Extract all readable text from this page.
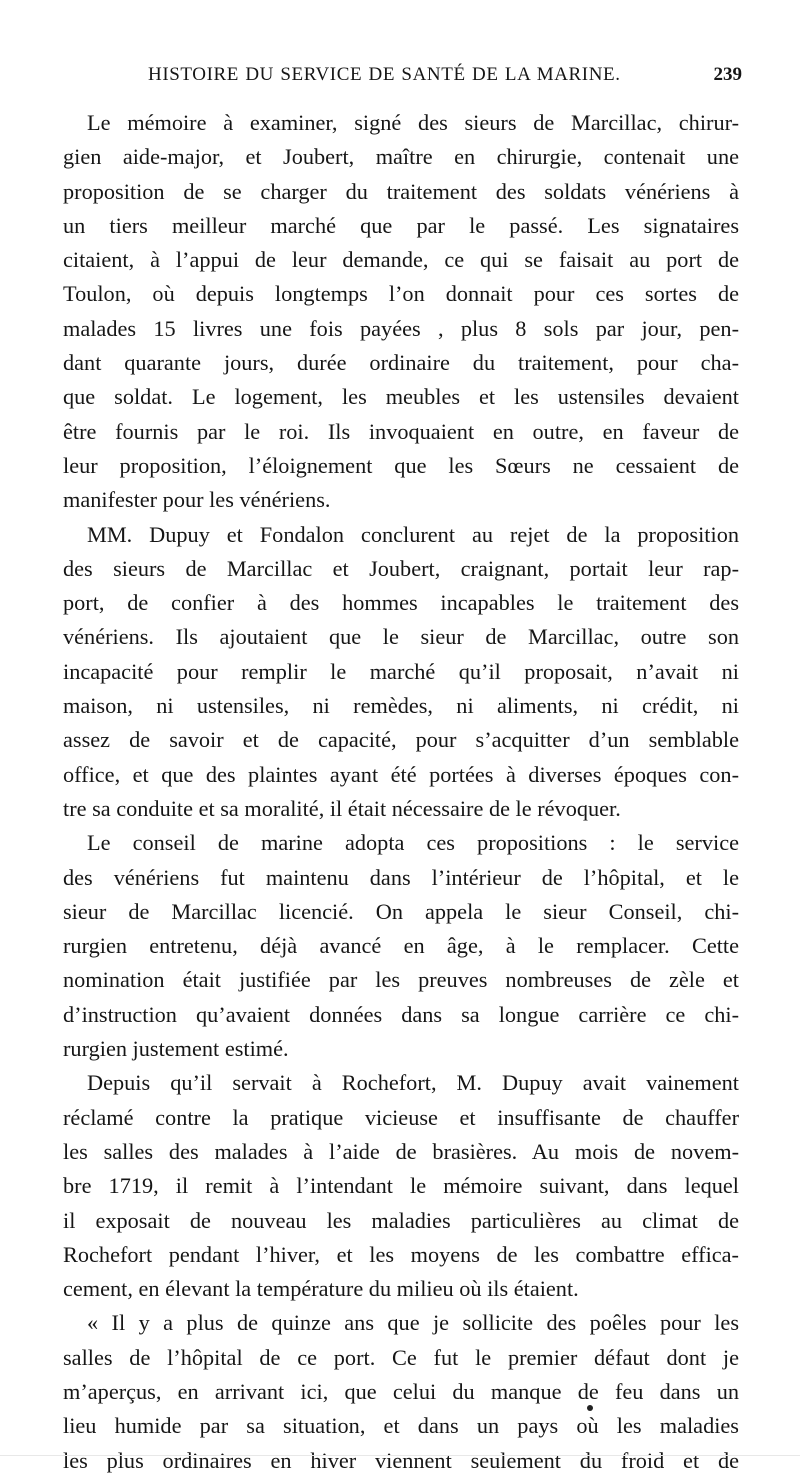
HISTOIRE DU SERVICE DE SANTÉ DE LA MARINE.	239
Le mémoire à examiner, signé des sieurs de Marcillac, chirur-
gien aide-major, et Joubert, maître en chirurgie, contenait une
proposition de se charger du traitement des soldats vénériens à
un tiers meilleur marché que par le passé. Les signataires
citaient, à l’appui de leur demande, ce qui se faisait au port de
Toulon, où depuis longtemps l’on donnait pour ces sortes de
malades 15 livres une fois payées , plus 8 sols par jour, pen-
dant quarante jours, durée ordinaire du traitement, pour cha-
que soldat. Le logement, les meubles et les ustensiles devaient
être fournis par le roi. Ils invoquaient en outre, en faveur de
leur proposition, l’éloignement que les Sœurs ne cessaient de
manifester pour les vénériens.
MM. Dupuy et Fondalon conclurent au rejet de la proposition
des sieurs de Marcillac et Joubert, craignant, portait leur rap-
port, de confier à des hommes incapables le traitement des
vénériens. Ils ajoutaient que le sieur de Marcillac, outre son
incapacité pour remplir le marché qu’il proposait, n’avait ni
maison, ni ustensiles, ni remèdes, ni aliments, ni crédit, ni
assez de savoir et de capacité, pour s’acquitter d’un semblable
office, et que des plaintes ayant été portées à diverses époques con-
tre sa conduite et sa moralité, il était nécessaire de le révoquer.
Le conseil de marine adopta ces propositions : le service
des vénériens fut maintenu dans l’intérieur de l’hôpital, et le
sieur de Marcillac licencié. On appela le sieur Conseil, chi-
rurgien entretenu, déjà avancé en âge, à le remplacer. Cette
nomination était justifiée par les preuves nombreuses de zèle et
d’instruction qu’avaient données dans sa longue carrière ce chi-
rurgien justement estimé.
Depuis qu’il servait à Rochefort, M. Dupuy avait vainement
réclamé contre la pratique vicieuse et insuffisante de chauffer
les salles des malades à l’aide de brasières. Au mois de novem-
bre 1719, il remit à l’intendant le mémoire suivant, dans lequel
il exposait de nouveau les maladies particulières au climat de
Rochefort pendant l’hiver, et les moyens de les combattre effica-
cement, en élevant la température du milieu où ils étaient.
« Il y a plus de quinze ans que je sollicite des poêles pour les
salles de l’hôpital de ce port. Ce fut le premier défaut dont je
m’aperçus, en arrivant ici, que celui du manque de feu dans un
lieu humide par sa situation, et dans un pays où les maladies
les plus ordinaires en hiver viennent seulement du froid et de
